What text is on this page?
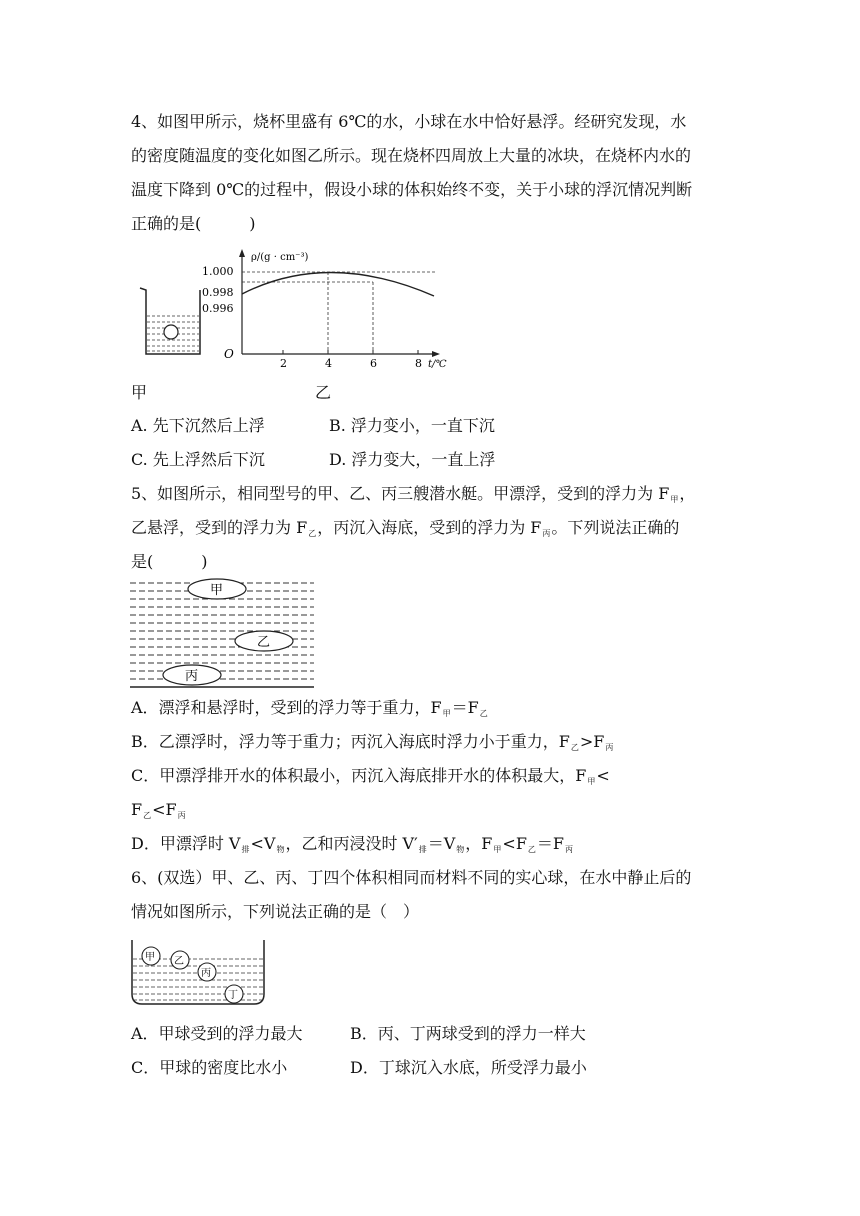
4、如图甲所示，烧杯里盛有 6℃的水，小球在水中恰好悬浮。经研究发现，水
的密度随温度的变化如图乙所示。现在烧杯四周放上大量的冰块，在烧杯内水的
温度下降到 0℃的过程中，假设小球的体积始终不变，关于小球的浮沉情况判断
正确的是(　　　)
ρ/(g · cm⁻³)
1.000
0.998
0.996
O
2	4	6	8 t/℃
甲	乙
A. 先下沉然后上浮	B. 浮力变小，一直下沉
C. 先上浮然后下沉	D. 浮力变大，一直上浮
5、如图所示，相同型号的甲、乙、丙三艘潜水艇。甲漂浮，受到的浮力为 F甲，
乙悬浮，受到的浮力为 F乙，丙沉入海底，受到的浮力为 F丙。下列说法正确的
是(　　　)
甲
乙
丙
A．漂浮和悬浮时，受到的浮力等于重力，F甲＝F乙
B．乙漂浮时，浮力等于重力；丙沉入海底时浮力小于重力，F乙>F丙
C．甲漂浮排开水的体积最小，丙沉入海底排开水的体积最大，F甲<
F乙<F丙
D．甲漂浮时 V排<V物，乙和丙浸没时 V′排＝V物，F甲<F乙＝F丙
6、(双选）甲、乙、丙、丁四个体积相同而材料不同的实心球，在水中静止后的
情况如图所示，下列说法正确的是（　）
甲 乙
丙
丁
A．甲球受到的浮力最大	B．丙、丁两球受到的浮力一样大
C．甲球的密度比水小	D．丁球沉入水底，所受浮力最小
